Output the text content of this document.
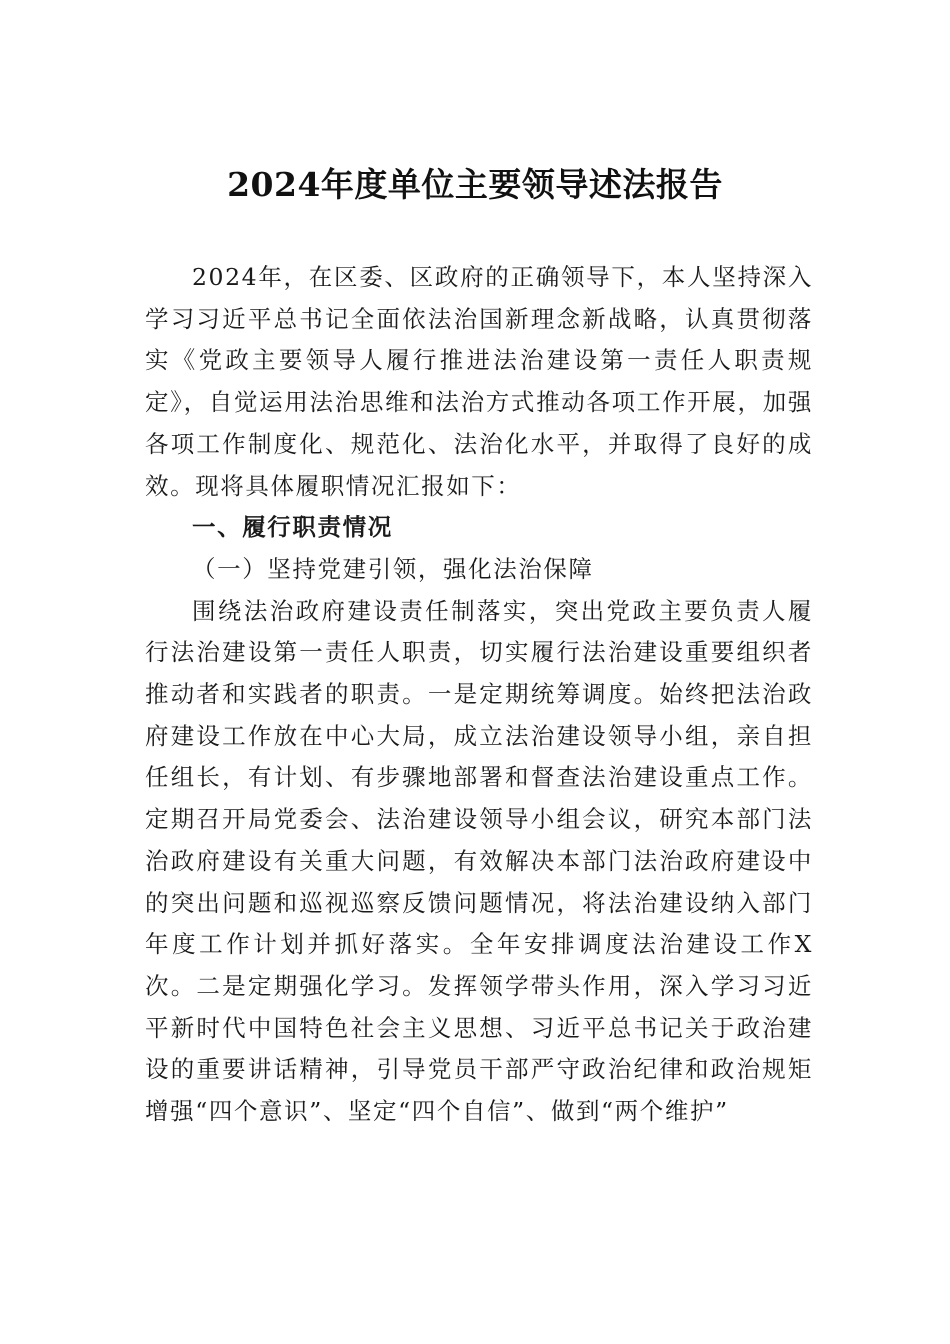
2024年度单位主要领导述法报告

2024年，在区委、区政府的正确领导下，本人坚持深入学习习近平总书记全面依法治国新理念新战略，认真贯彻落实《党政主要领导人履行推进法治建设第一责任人职责规定》，自觉运用法治思维和法治方式推动各项工作开展，加强各项工作制度化、规范化、法治化水平，并取得了良好的成效。现将具体履职情况汇报如下：

一、履行职责情况

（一）坚持党建引领，强化法治保障

围绕法治政府建设责任制落实，突出党政主要负责人履行法治建设第一责任人职责，切实履行法治建设重要组织者推动者和实践者的职责。一是定期统筹调度。始终把法治政府建设工作放在中心大局，成立法治建设领导小组，亲自担任组长，有计划、有步骤地部署和督查法治建设重点工作。定期召开局党委会、法治建设领导小组会议，研究本部门法治政府建设有关重大问题，有效解决本部门法治政府建设中的突出问题和巡视巡察反馈问题情况，将法治建设纳入部门年度工作计划并抓好落实。全年安排调度法治建设工作X次。二是定期强化学习。发挥领学带头作用，深入学习习近平新时代中国特色社会主义思想、习近平总书记关于政治建设的重要讲话精神，引导党员干部严守政治纪律和政治规矩增强“四个意识”、坚定“四个自信”、做到“两个维护”
